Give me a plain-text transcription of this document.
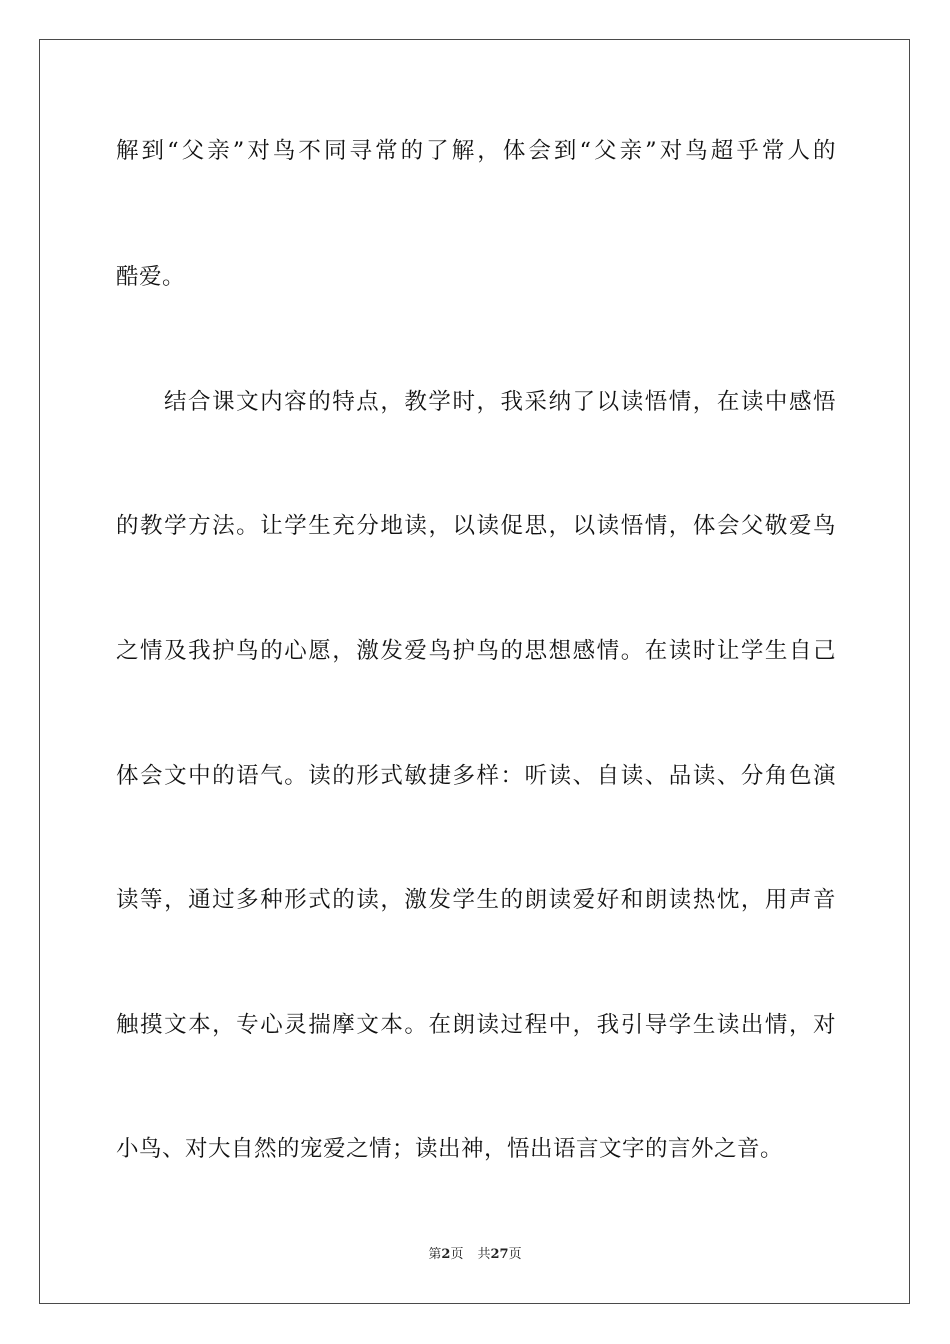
解到“父亲”对鸟不同寻常的了解，体会到“父亲”对鸟超乎常人的
酷爱。
结合课文内容的特点，教学时，我采纳了以读悟情，在读中感悟
的教学方法。让学生充分地读，以读促思，以读悟情，体会父敬爱鸟
之情及我护鸟的心愿，激发爱鸟护鸟的思想感情。在读时让学生自己
体会文中的语气。读的形式敏捷多样：听读、自读、品读、分角色演
读等，通过多种形式的读，激发学生的朗读爱好和朗读热忱，用声音
触摸文本，专心灵揣摩文本。在朗读过程中，我引导学生读出情，对
小鸟、对大自然的宠爱之情；读出神，悟出语言文字的言外之音。
第2页 共27页
